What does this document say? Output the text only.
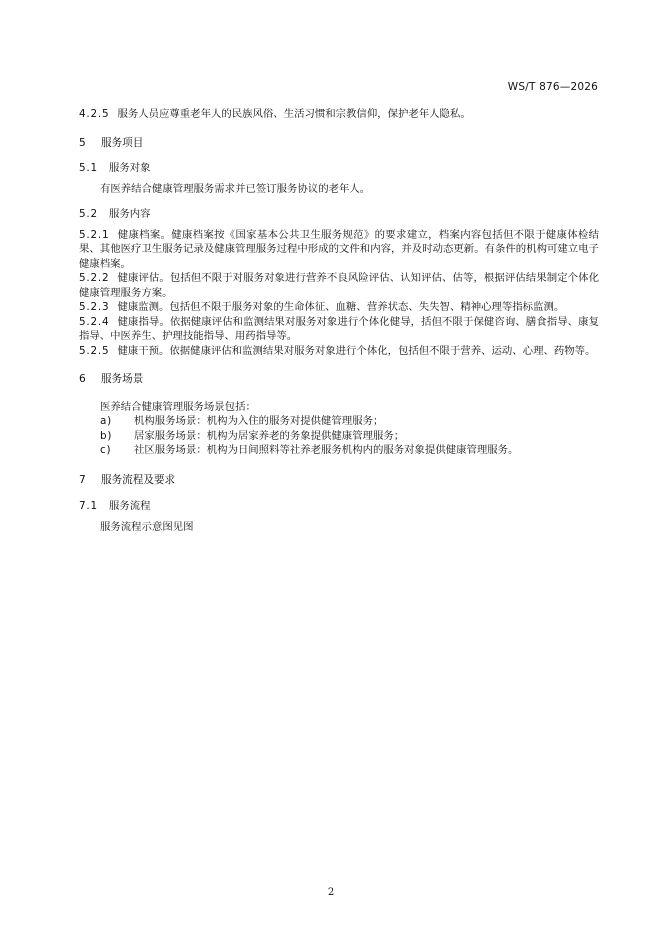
WS/T 876—2026

4.2.5 服务人员应尊重老年人的民族风俗、生活习惯和宗教信仰，保护老年人隐私。

5 服务项目
5.1 服务对象

有医养结合健康管理服务需求并已签订服务协议的老年人。

5.2 服务内容

5.2.1 健康档案。健康档案按《国家基本公共卫生服务规范》的要求建立，档案内容包括但不限于健康体检结果、其他医疗卫生服务记录及健康管理服务过程中形成的文件和内容，并及时动态更新。有条件的机构可建立电子健康档案。

5.2.2 健康评估。包括但不限于对服务对象进行营养不良风险评估、认知评估、估等，根据评估结果制定个体化健康管理服务方案。

5.2.3 健康监测。包括但不限于服务对象的生命体征、血糖、营养状态、失失智、精神心理等指标监测。

5.2.4 健康指导。依据健康评估和监测结果对服务对象进行个体化健导，括但不限于保健咨询、膳食指导、康复指导、中医养生、护理技能指导、用药指导等。

5.2.5 健康干预。依据健康评估和监测结果对服务对象进行个体化，包括但不限于营养、运动、心理、药物等。

6 服务场景

医养结合健康管理服务场景包括：

a) 机构服务场景：机构为入住的服务对提供健管理服务；

b) 居家服务场景：机构为居家养老的务象提供健康管理服务；

c) 社区服务场景：机构为日间照料等社养老服务机构内的服务对象提供健康管理服务。

7 服务流程及要求
7.1 服务流程

服务流程示意图见图

2
